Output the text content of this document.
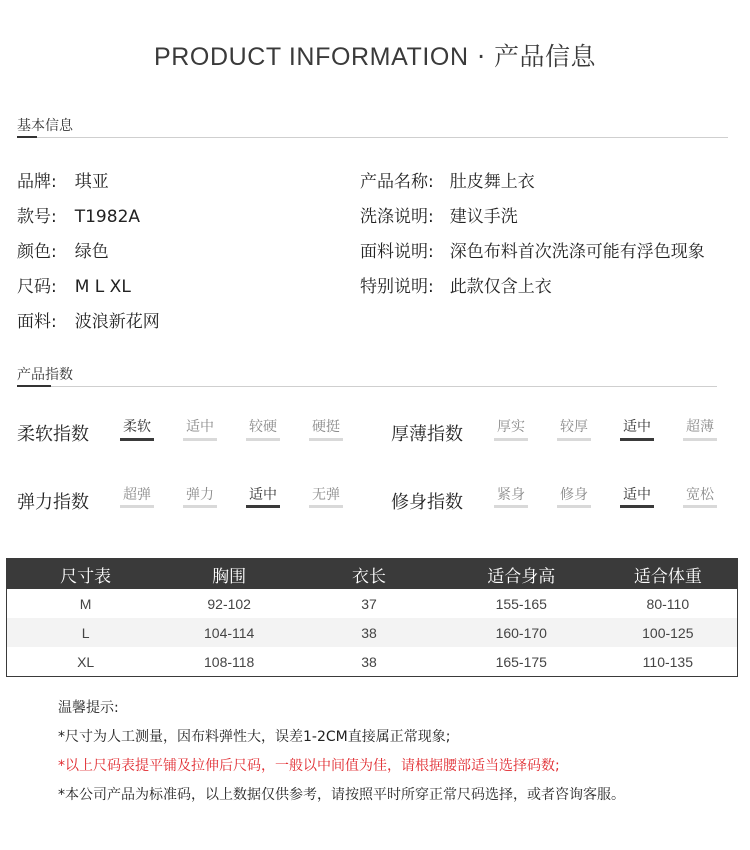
PRODUCT INFORMATION · 产品信息
基本信息
品牌: 琪亚
款号: T1982A
颜色: 绿色
尺码: M L XL
面料: 波浪新花网
产品名称: 肚皮舞上衣
洗涤说明: 建议手洗
面料说明: 深色布料首次洗涤可能有浮色现象
特别说明: 此款仅含上衣
产品指数
柔软指数 柔软	适中	较硬	硬挺	厚薄指数 厚实	较厚	适中	超薄
弹力指数 超弹	弹力	适中	无弹	修身指数 紧身	修身	适中	宽松
尺寸表	胸围	衣长	适合身高	适合体重
M	92-102	37	155-165	80-110
L	104-114	38	160-170	100-125
XL	108-118	38	165-175	110-135
温馨提示:
*尺寸为人工测量，因布料弹性大，误差1-2CM直接属正常现象;
*以上尺码表提平铺及拉伸后尺码，一般以中间值为佳，请根据腰部适当选择码数;
*本公司产品为标准码，以上数据仅供参考，请按照平时所穿正常尺码选择，或者咨询客服。
